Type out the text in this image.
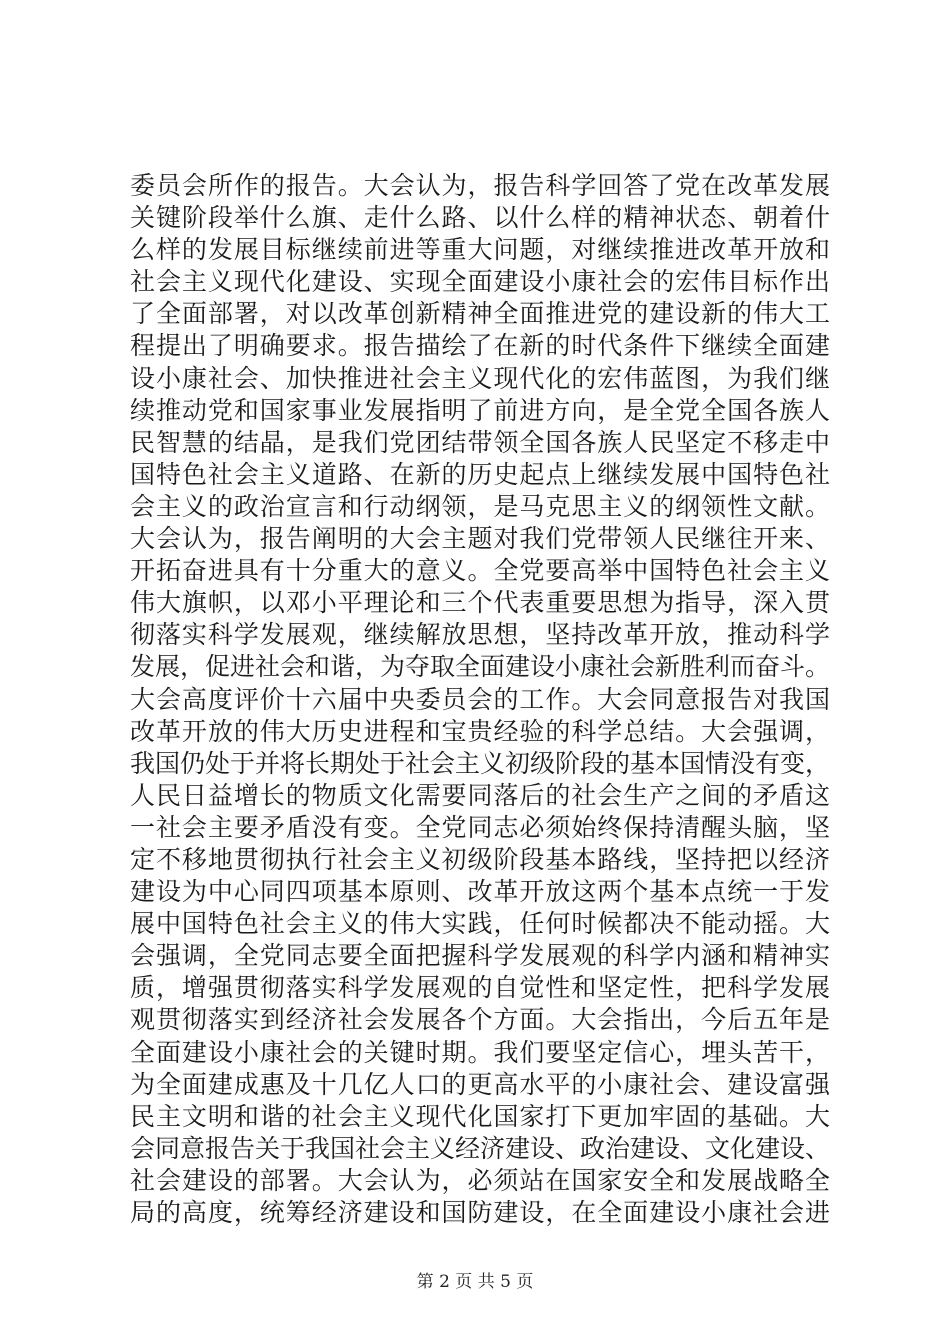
委员会所作的报告。大会认为，报告科学回答了党在改革发展
关键阶段举什么旗、走什么路、以什么样的精神状态、朝着什
么样的发展目标继续前进等重大问题，对继续推进改革开放和
社会主义现代化建设、实现全面建设小康社会的宏伟目标作出
了全面部署，对以改革创新精神全面推进党的建设新的伟大工
程提出了明确要求。报告描绘了在新的时代条件下继续全面建
设小康社会、加快推进社会主义现代化的宏伟蓝图，为我们继
续推动党和国家事业发展指明了前进方向，是全党全国各族人
民智慧的结晶，是我们党团结带领全国各族人民坚定不移走中
国特色社会主义道路、在新的历史起点上继续发展中国特色社
会主义的政治宣言和行动纲领，是马克思主义的纲领性文献。
大会认为，报告阐明的大会主题对我们党带领人民继往开来、
开拓奋进具有十分重大的意义。全党要高举中国特色社会主义
伟大旗帜，以邓小平理论和三个代表重要思想为指导，深入贯
彻落实科学发展观，继续解放思想，坚持改革开放，推动科学
发展，促进社会和谐，为夺取全面建设小康社会新胜利而奋斗。
大会高度评价十六届中央委员会的工作。大会同意报告对我国
改革开放的伟大历史进程和宝贵经验的科学总结。大会强调，
我国仍处于并将长期处于社会主义初级阶段的基本国情没有变，
人民日益增长的物质文化需要同落后的社会生产之间的矛盾这
一社会主要矛盾没有变。全党同志必须始终保持清醒头脑，坚
定不移地贯彻执行社会主义初级阶段基本路线，坚持把以经济
建设为中心同四项基本原则、改革开放这两个基本点统一于发
展中国特色社会主义的伟大实践，任何时候都决不能动摇。大
会强调，全党同志要全面把握科学发展观的科学内涵和精神实
质，增强贯彻落实科学发展观的自觉性和坚定性，把科学发展
观贯彻落实到经济社会发展各个方面。大会指出，今后五年是
全面建设小康社会的关键时期。我们要坚定信心，埋头苦干，
为全面建成惠及十几亿人口的更高水平的小康社会、建设富强
民主文明和谐的社会主义现代化国家打下更加牢固的基础。大
会同意报告关于我国社会主义经济建设、政治建设、文化建设、
社会建设的部署。大会认为，必须站在国家安全和发展战略全
局的高度，统筹经济建设和国防建设，在全面建设小康社会进
第 2 页 共 5 页
